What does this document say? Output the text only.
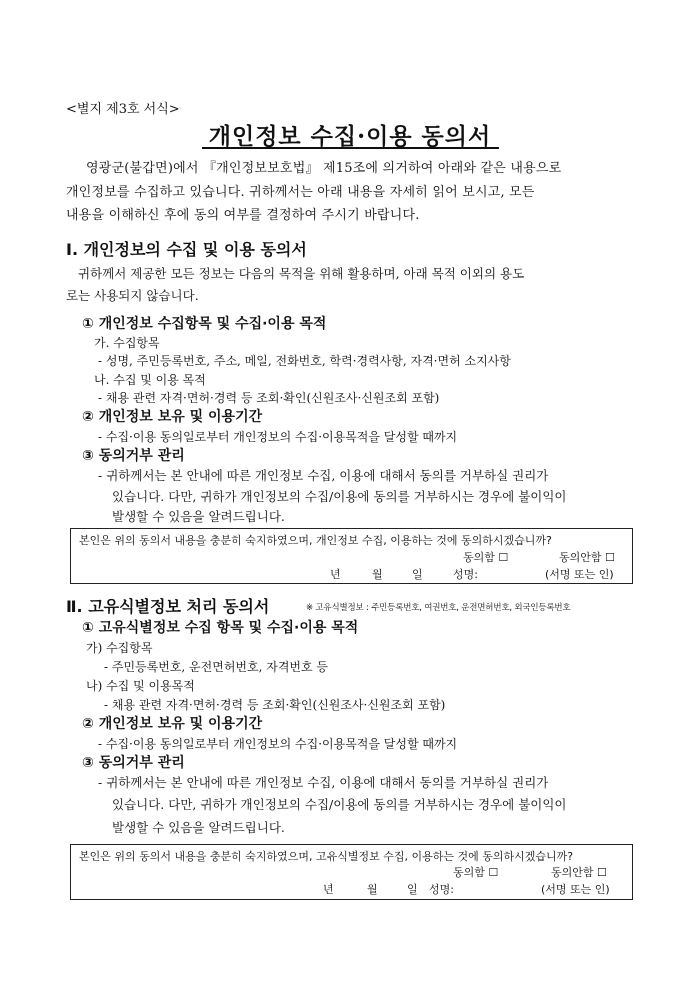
<별지 제3호 서식>
개인정보 수집·이용 동의서
영광군(불갑면)에서 『개인정보보호법』 제15조에 의거하여 아래와 같은 내용으로
개인정보를 수집하고 있습니다. 귀하께서는 아래 내용을 자세히 읽어 보시고, 모든
내용을 이해하신 후에 동의 여부를 결정하여 주시기 바랍니다.
Ⅰ. 개인정보의 수집 및 이용 동의서
귀하께서 제공한 모든 정보는 다음의 목적을 위해 활용하며, 아래 목적 이외의 용도
로는 사용되지 않습니다.
① 개인정보 수집항목 및 수집·이용 목적
가. 수집항목
- 성명, 주민등록번호, 주소, 메일, 전화번호, 학력·경력사항, 자격·면허 소지사항
나. 수집 및 이용 목적
- 채용 관련 자격·면허·경력 등 조회·확인(신원조사·신원조회 포함)
② 개인정보 보유 및 이용기간
- 수집·이용 동의일로부터 개인정보의 수집·이용목적을 달성할 때까지
③ 동의거부 관리
- 귀하께서는 본 안내에 따른 개인정보 수집, 이용에 대해서 동의를 거부하실 권리가
있습니다. 다만, 귀하가 개인정보의 수집/이용에 동의를 거부하시는 경우에 불이익이
발생할 수 있음을 알려드립니다.
본인은 위의 동의서 내용을 충분히 숙지하였으며, 개인정보 수집, 이용하는 것에 동의하시겠습니까?
동의함 ☐	동의안함 ☐
년	월	일	성명:	(서명 또는 인)
Ⅱ. 고유식별정보 처리 동의서	※ 고유식별정보 : 주민등록번호, 여권번호, 운전면허번호, 외국인등록번호
① 고유식별정보 수집 항목 및 수집·이용 목적
가) 수집항목
- 주민등록번호, 운전면허번호, 자격번호 등
나) 수집 및 이용목적
- 채용 관련 자격·면허·경력 등 조회·확인(신원조사·신원조회 포함)
② 개인정보 보유 및 이용기간
- 수집·이용 동의일로부터 개인정보의 수집·이용목적을 달성할 때까지
③ 동의거부 관리
- 귀하께서는 본 안내에 따른 개인정보 수집, 이용에 대해서 동의를 거부하실 권리가
있습니다. 다만, 귀하가 개인정보의 수집/이용에 동의를 거부하시는 경우에 불이익이
발생할 수 있음을 알려드립니다.
본인은 위의 동의서 내용을 충분히 숙지하였으며, 고유식별정보 수집, 이용하는 것에 동의하시겠습니까?
동의함 ☐	동의안함 ☐
년	월	일 성명:	(서명 또는 인)
